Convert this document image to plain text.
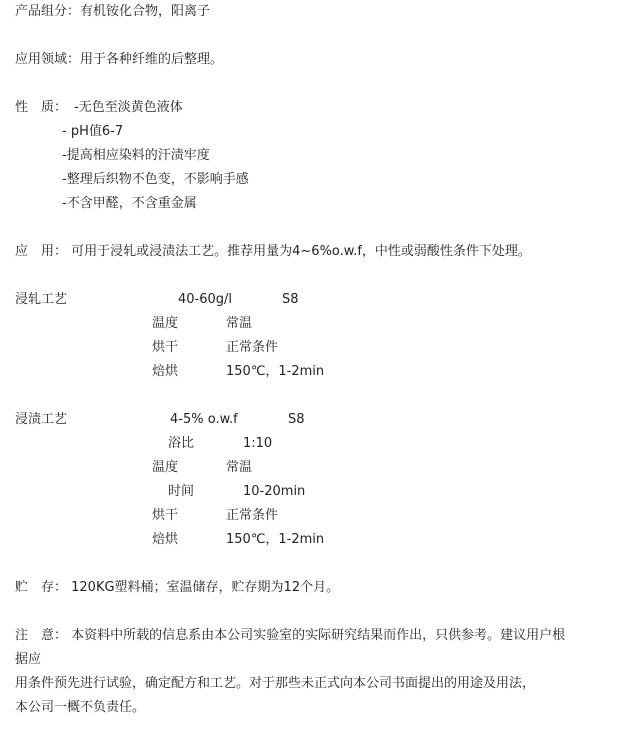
产品组分：有机铵化合物，阳离子
应用领域：用于各种纤维的后整理。
性　质： -无色至淡黄色液体
- pH值6-7
-提高相应染料的汗渍牢度
-整理后织物不色变，不影响手感
-不含甲醛，不含重金属
应　用： 可用于浸轧或浸渍法工艺。推荐用量为4~6%o.w.f，中性或弱酸性条件下处理。
浸轧工艺	40-60g/l	S8
温度	常温
烘干	正常条件
焙烘	150℃，1-2min
浸渍工艺	4-5% o.w.f	S8
浴比	1:10
温度	常温
时间	10-20min
烘干	正常条件
焙烘	150℃，1-2min
贮　存： 120KG塑料桶；室温储存，贮存期为12个月。
注　意： 本资料中所载的信息系由本公司实验室的实际研究结果而作出，只供参考。建议用户根
据应
用条件预先进行试验，确定配方和工艺。对于那些未正式向本公司书面提出的用途及用法，
本公司一概不负责任。
